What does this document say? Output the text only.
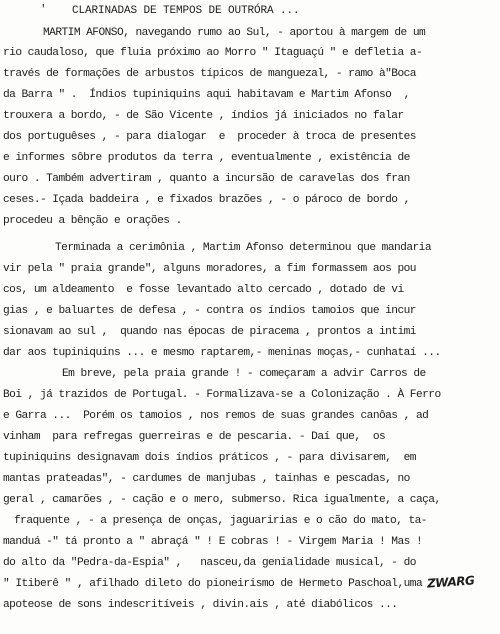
' CLARINADAS DE TEMPOS DE OUTRÓRA ...
MARTIM AFONSO, navegando rumo ao Sul, - aportou à margem de um
rio caudaloso, que fluia próximo ao Morro " Itaguaçú " e defletia a-
través de formações de arbustos típicos de manguezal, - ramo à"Boca
da Barra " .  Índios tupiniquins aqui habitavam e Martim Afonso  ,
trouxera a bordo, - de São Vicente , índios já iniciados no falar
dos portuguêses , - para dialogar  e  proceder à troca de presentes
e informes sôbre produtos da terra , eventualmente , existência de
ouro . Também advertiram , quanto a incursão de caravelas dos fran
ceses.- Içada baddeira , e fixados brazões , - o pároco de bordo ,
procedeu a bênção e orações .
Terminada a cerimônia , Martim Afonso determinou que mandaria
vir pela " praia grande", alguns moradores, a fim formassem aos pou
cos, um aldeamento  e fosse levantado alto cercado , dotado de vi
gias , e baluartes de defesa , - contra os índios tamoios que incur
sionavam ao sul ,  quando nas épocas de piracema , prontos a intimi
dar aos tupiniquins ... e mesmo raptarem,- meninas moças,- cunhataí ...
Em breve, pela praia grande ! - começaram a advir Carros de
Boi , já trazidos de Portugal. - Formalizava-se a Colonização . À Ferro
e Garra ...  Porém os tamoios , nos remos de suas grandes canôas , ad
vinham  para refregas guerreiras e de pescaria. - Daí que,  os
tupiniquins designavam dois índios práticos , - para divisarem,  em
mantas prateadas", - cardumes de manjubas , tainhas e pescadas, no
geral , camarões , - cação e o mero, submerso. Rica igualmente, a caça,
fraquente , - a presença de onças, jaguaririas e o cão do mato, ta-
manduá -" tá pronto a " abraçá " ! E cobras ! - Virgem Maria ! Mas !
do alto da "Pedra-da-Espia" ,   nasceu,da genialidade musical, - do
" Itiberê " , afilhado dileto do pioneirismo de Hermeto Paschoal,uma
apoteose de sons indescritíveis , divin.ais , até diabólicos ...
ZWARG
